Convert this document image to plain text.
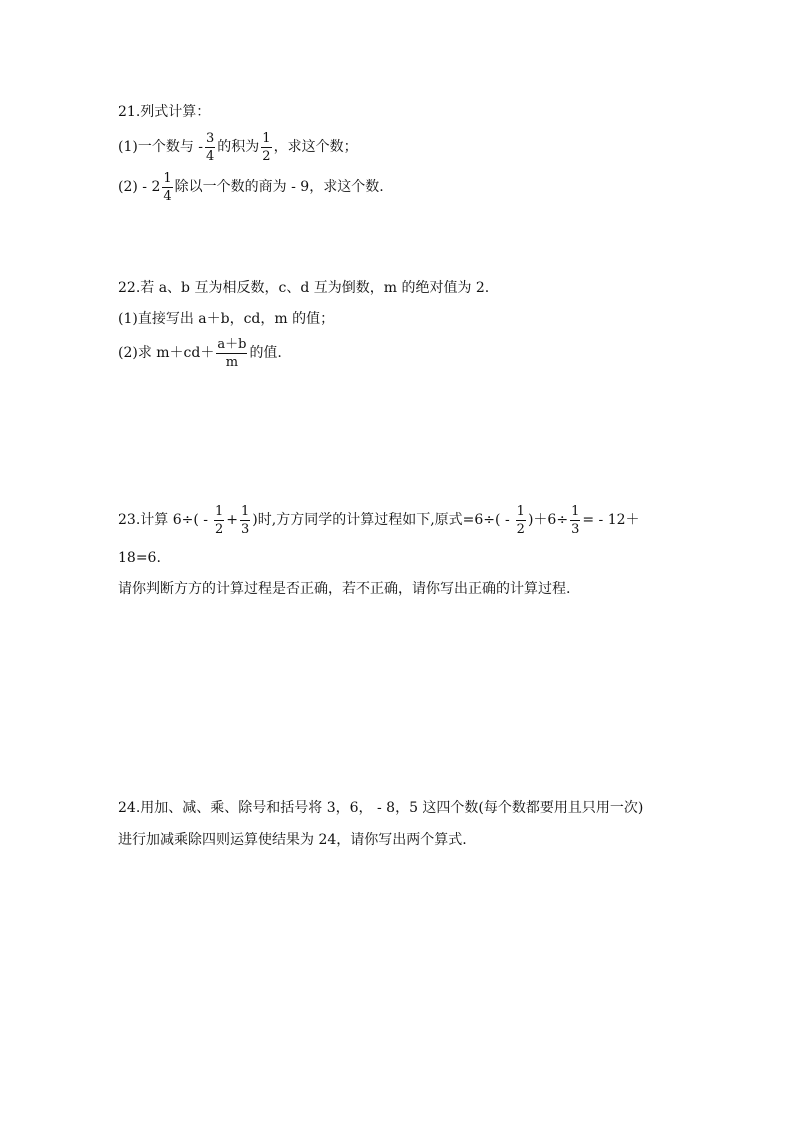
21.列式计算：
(1)一个数与 - $\frac{3}{4}$ 的积为 $\frac{1}{2}$ ，求这个数；
$(2) - 2 \frac{1}{4}$ 除以一个数的商为 - 9，求这个数.
22.若 a、b 互为相反数，c、d 互为倒数，m 的绝对值为 2.
(1)直接写出 a＋b，cd，m 的值；
(2)求 $m+cd+ \frac{a+b}{m}$ 的值.
23.计算 $6\div( - \frac{1}{2} + \frac{1}{3}$ )时,方方同学的计算过程如下,原式$=6\div( - \frac{1}{2} )+6\div \frac{1}{3}$ = - 12＋
18=6.
请你判断方方的计算过程是否正确，若不正确，请你写出正确的计算过程.
24.用加、减、乘、除号和括号将 3，6， - 8，5 这四个数(每个数都要用且只用一次)
进行加减乘除四则运算使结果为 24，请你写出两个算式.
